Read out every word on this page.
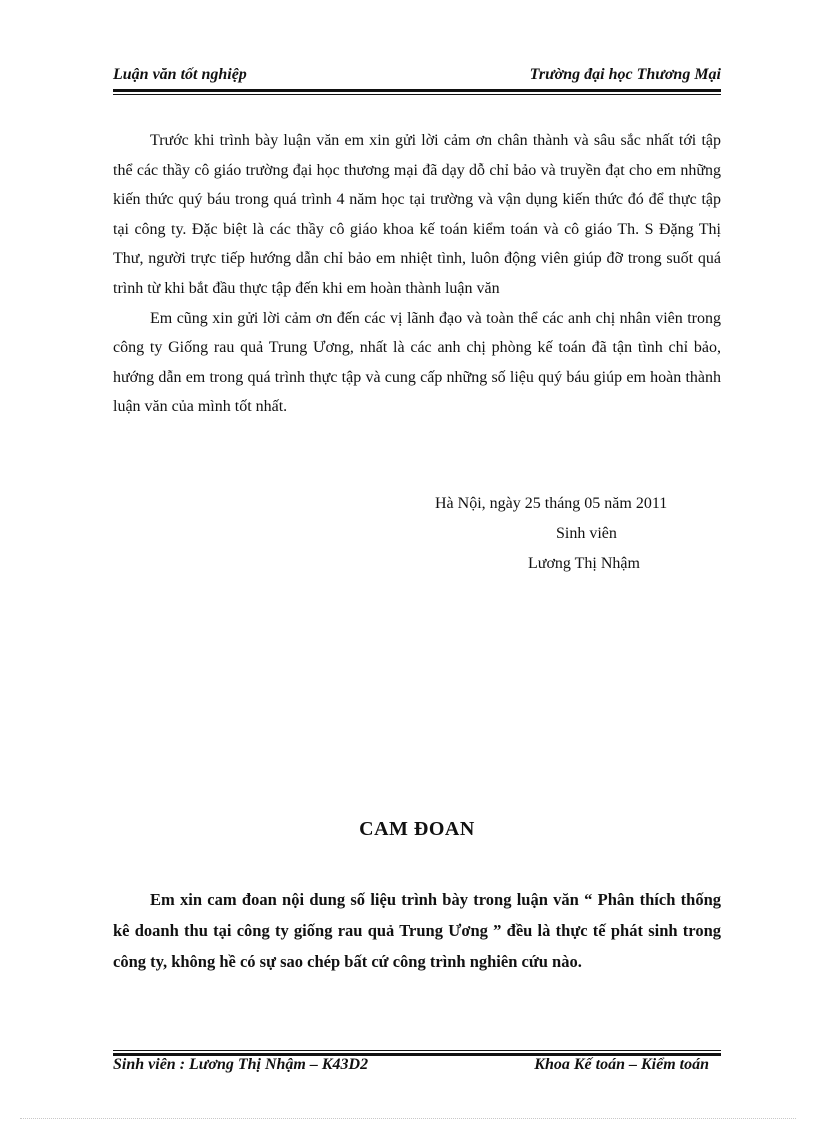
Luận văn tốt nghiệp	Trường đại học Thương Mại

Trước khi trình bày luận văn em xin gửi lời cảm ơn chân thành và sâu sắc nhất tới tập thể các thầy cô giáo trường đại học thương mại đã dạy dỗ chỉ bảo và truyền đạt cho em những kiến thức quý báu trong quá trình 4 năm học tại trường và vận dụng kiến thức đó để thực tập tại công ty. Đặc biệt là các thầy cô giáo khoa kế toán kiểm toán và cô giáo Th. S Đặng Thị Thư, người trực tiếp hướng dẫn chỉ bảo em nhiệt tình, luôn động viên giúp đỡ trong suốt quá trình từ khi bắt đầu thực tập đến khi em hoàn thành luận văn

Em cũng xin gửi lời cảm ơn đến các vị lãnh đạo và toàn thể các anh chị nhân viên trong công ty Giống rau quả Trung Ương, nhất là các anh chị phòng kế toán đã tận tình chỉ bảo, hướng dẫn em trong quá trình thực tập và cung cấp những số liệu quý báu giúp em hoàn thành luận văn của mình tốt nhất.

Hà Nội, ngày 25 tháng 05 năm 2011
Sinh viên
Lương Thị Nhậm
CAM ĐOAN

Em xin cam đoan nội dung số liệu trình bày trong luận văn “ Phân thích thống kê doanh thu tại công ty giống rau quả Trung Ương ” đều là thực tế phát sinh trong công ty, không hề có sự sao chép bất cứ công trình nghiên cứu nào.

Sinh viên : Lương Thị Nhậm – K43D2	Khoa Kế toán – Kiểm toán
